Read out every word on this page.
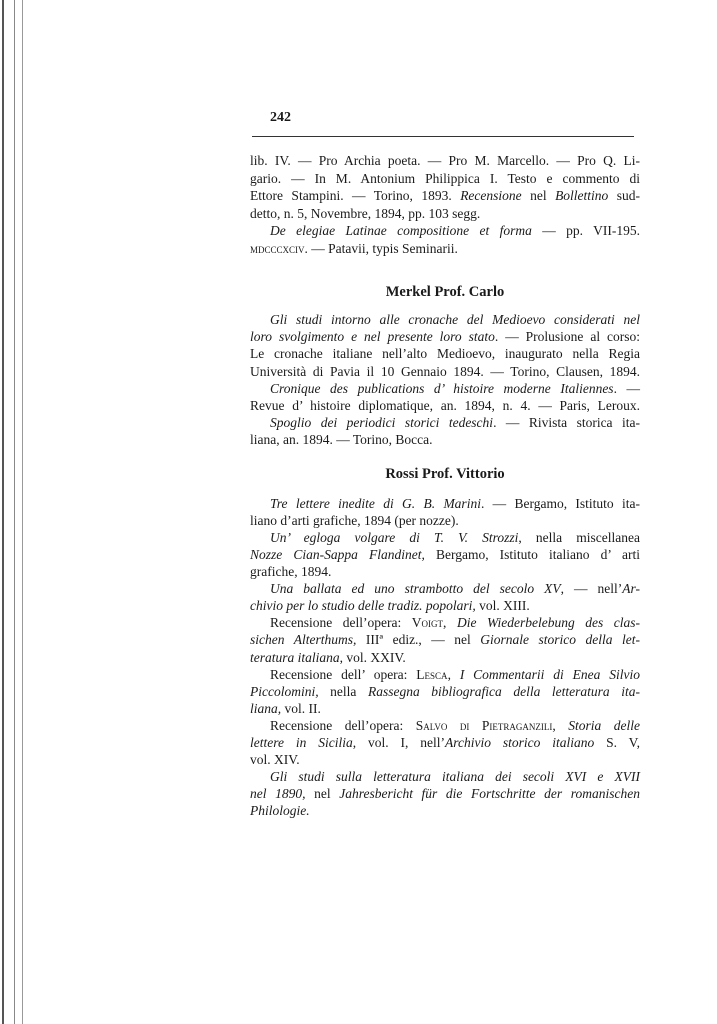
242
lib. IV. — Pro Archia poeta. — Pro M. Marcello. — Pro Q. Li-
gario. — In M. Antonium Philippica I. Testo e commento di
Ettore Stampini. — Torino, 1893. Recensione nel Bollettino sud-
detto, n. 5, Novembre, 1894, pp. 103 segg.
De elegiae Latinae compositione et forma — pp. VII-195.
mdcccxciv. — Patavii, typis Seminarii.
Merkel Prof. Carlo
Gli studi intorno alle cronache del Medioevo considerati nel
loro svolgimento e nel presente loro stato. — Prolusione al corso:
Le cronache italiane nell’alto Medioevo, inaugurato nella Regia
Università di Pavia il 10 Gennaio 1894. — Torino, Clausen, 1894.
Cronique des publications d’ histoire moderne Italiennes. —
Revue d’ histoire diplomatique, an. 1894, n. 4. — Paris, Leroux.
Spoglio dei periodici storici tedeschi. — Rivista storica ita-
liana, an. 1894. — Torino, Bocca.
Rossi Prof. Vittorio
Tre lettere inedite di G. B. Marini. — Bergamo, Istituto ita-
liano d’arti grafiche, 1894 (per nozze).
Un’ egloga volgare di T. V. Strozzi, nella miscellanea
Nozze Cian-Sappa Flandinet, Bergamo, Istituto italiano d’ arti
grafiche, 1894.
Una ballata ed uno strambotto del secolo XV, — nell’Ar-
chivio per lo studio delle tradiz. popolari, vol. XIII.
Recensione dell’opera: Voigt, Die Wiederbelebung des clas-
sichen Alterthums, IIIª ediz., — nel Giornale storico della let-
teratura italiana, vol. XXIV.
Recensione dell’ opera: Lesca, I Commentarii di Enea Silvio
Piccolomini, nella Rassegna bibliografica della letteratura ita-
liana, vol. II.
Recensione dell’opera: Salvo di Pietraganzili, Storia delle
lettere in Sicilia, vol. I, nell’Archivio storico italiano S. V,
vol. XIV.
Gli studi sulla letteratura italiana dei secoli XVI e XVII
nel 1890, nel Jahresbericht für die Fortschritte der romanischen
Philologie.
